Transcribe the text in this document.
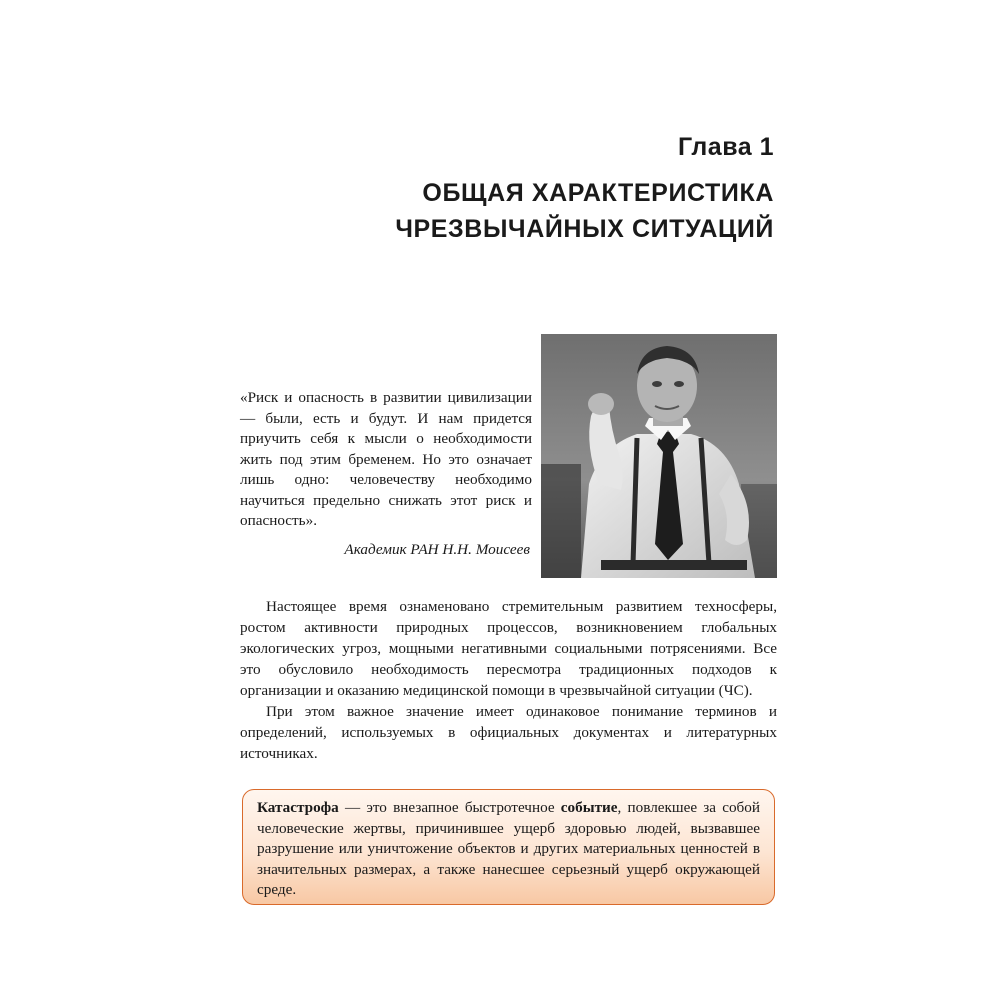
Глава 1
ОБЩАЯ ХАРАКТЕРИСТИКА
ЧРЕЗВЫЧАЙНЫХ СИТУАЦИЙ
«Риск и опасность в развитии цивилизации — были, есть и будут. И нам придется приучить себя к мысли о необходимости жить под этим бременем. Но это означает лишь одно: человечеству необходимо научиться предельно снижать этот риск и опасность».
Академик РАН Н.Н. Моисеев

Настоящее время ознаменовано стремительным развитием техносферы, ростом активности природных процессов, возникновением глобальных экологических угроз, мощными негативными социальными потрясениями. Все это обусловило необходимость пересмотра традиционных подходов к организации и оказанию медицинской помощи в чрезвычайной ситуации (ЧС).

При этом важное значение имеет одинаковое понимание терминов и определений, используемых в официальных документах и литературных источниках.

Катастрофа — это внезапное быстротечное событие, повлекшее за собой человеческие жертвы, причинившее ущерб здоровью людей, вызвавшее разрушение или уничтожение объектов и других материальных ценностей в значительных размерах, а также нанесшее серьезный ущерб окружающей среде.
